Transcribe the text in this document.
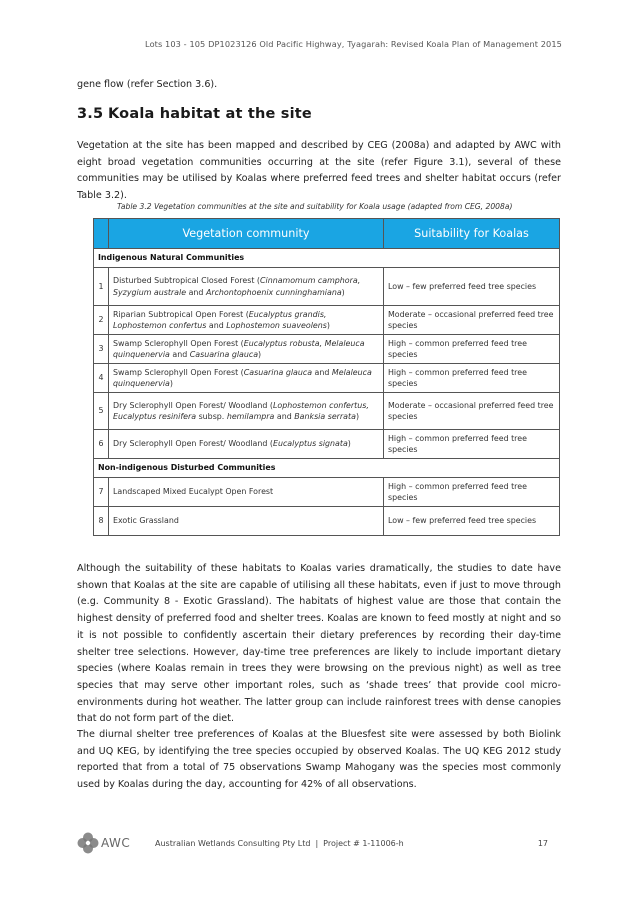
Lots 103 - 105 DP1023126 Old Pacific Highway, Tyagarah: Revised Koala Plan of Management 2015

gene flow (refer Section 3.6).

3.5 Koala habitat at the site

Vegetation at the site has been mapped and described by CEG (2008a) and adapted by AWC with eight broad vegetation communities occurring at the site (refer Figure 3.1), several of these communities may be utilised by Koalas where preferred feed trees and shelter habitat occurs (refer Table 3.2).

Table 3.2 Vegetation communities at the site and suitability for Koala usage (adapted from CEG, 2008a)
	Vegetation community	Suitability for Koalas
Indigenous Natural Communities		
1	Disturbed Subtropical Closed Forest (Cinnamomum camphora, Syzygium australe and Archontophoenix cunninghamiana)	Low – few preferred feed tree species
2	Riparian Subtropical Open Forest (Eucalyptus grandis, Lophostemon confertus and Lophostemon suaveolens)	Moderate – occasional preferred feed tree species
3	Swamp Sclerophyll Open Forest (Eucalyptus robusta, Melaleuca quinquenervia and Casuarina glauca)	High – common preferred feed tree species
4	Swamp Sclerophyll Open Forest (Casuarina glauca and Melaleuca quinquenervia)	High – common preferred feed tree species
5	Dry Sclerophyll Open Forest/ Woodland (Lophostemon confertus, Eucalyptus resinifera subsp. hemilampra and Banksia serrata)	Moderate – occasional preferred feed tree species
6	Dry Sclerophyll Open Forest/ Woodland (Eucalyptus signata)	High – common preferred feed tree species
Non-indigenous Disturbed Communities		
7	Landscaped Mixed Eucalypt Open Forest	High – common preferred feed tree species
8	Exotic Grassland	Low – few preferred feed tree species

Although the suitability of these habitats to Koalas varies dramatically, the studies to date have shown that Koalas at the site are capable of utilising all these habitats, even if just to move through (e.g. Community 8 - Exotic Grassland). The habitats of highest value are those that contain the highest density of preferred food and shelter trees. Koalas are known to feed mostly at night and so it is not possible to confidently ascertain their dietary preferences by recording their day-time shelter tree selections. However, day-time tree preferences are likely to include important dietary species (where Koalas remain in trees they were browsing on the previous night) as well as tree species that may serve other important roles, such as ‘shade trees’ that provide cool micro-environments during hot weather. The latter group can include rainforest trees with dense canopies that do not form part of the diet.

The diurnal shelter tree preferences of Koalas at the Bluesfest site were assessed by both Biolink and UQ KEG, by identifying the tree species occupied by observed Koalas. The UQ KEG 2012 study reported that from a total of 75 observations Swamp Mahogany was the species most commonly used by Koalas during the day, accounting for 42% of all observations.

AWC	Australian Wetlands Consulting Pty Ltd | Project # 1-11006-h	17
